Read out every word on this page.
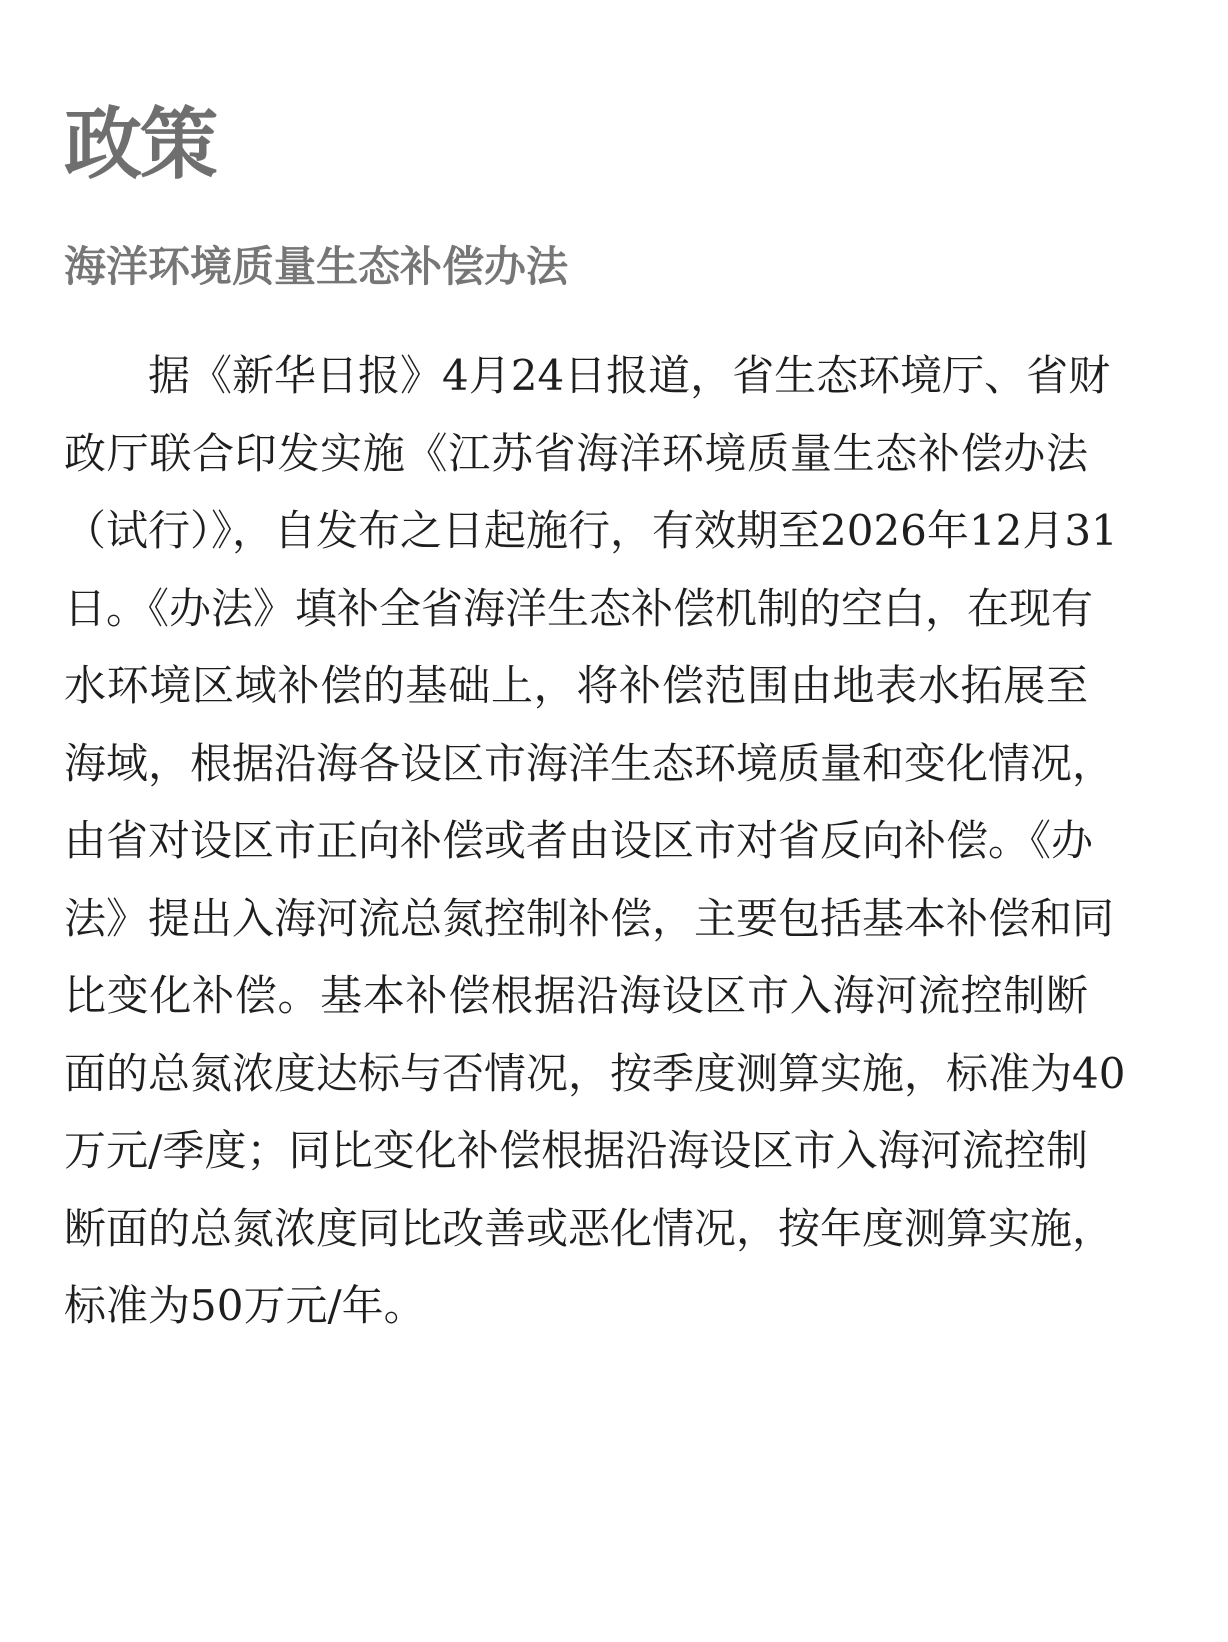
政策
海洋环境质量生态补偿办法
据《新华日报》4月24日报道，省生态环境厅、省财
政厅联合印发实施《江苏省海洋环境质量生态补偿办法
（试行）》，自发布之日起施行，有效期至2026年12月31
日。《办法》填补全省海洋生态补偿机制的空白，在现有
水环境区域补偿的基础上，将补偿范围由地表水拓展至
海域，根据沿海各设区市海洋生态环境质量和变化情况，
由省对设区市正向补偿或者由设区市对省反向补偿。《办
法》提出入海河流总氮控制补偿，主要包括基本补偿和同
比变化补偿。基本补偿根据沿海设区市入海河流控制断
面的总氮浓度达标与否情况，按季度测算实施，标准为40
万元/季度；同比变化补偿根据沿海设区市入海河流控制
断面的总氮浓度同比改善或恶化情况，按年度测算实施，
标准为50万元/年。
